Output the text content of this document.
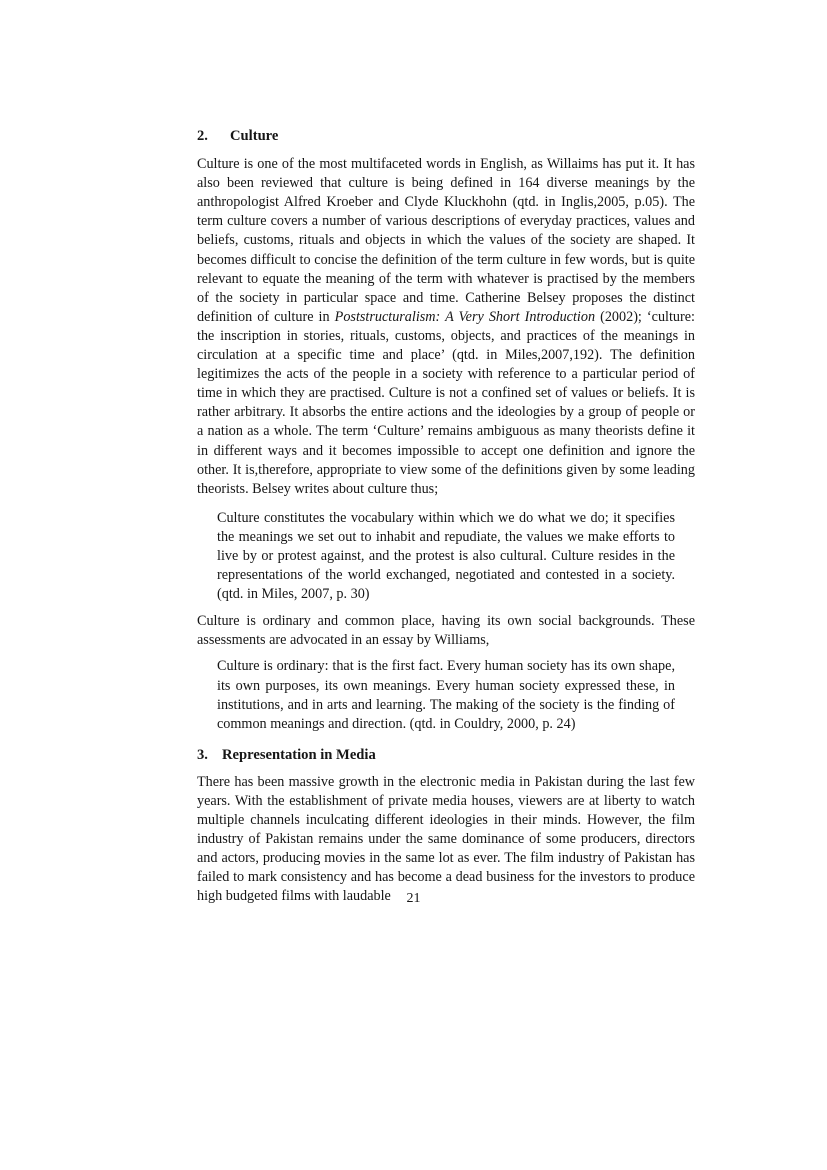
2.	Culture

Culture is one of the most multifaceted words in English, as Willaims has put it. It has also been reviewed that culture is being defined in 164 diverse meanings by the anthropologist Alfred Kroeber and Clyde Kluckhohn (qtd. in Inglis,2005, p.05). The term culture covers a number of various descriptions of everyday practices, values and beliefs, customs, rituals and objects in which the values of the society are shaped. It becomes difficult to concise the definition of the term culture in few words, but is quite relevant to equate the meaning of the term with whatever is practised by the members of the society in particular space and time. Catherine Belsey proposes the distinct definition of culture in Poststructuralism: A Very Short Introduction (2002); ‘culture: the inscription in stories, rituals, customs, objects, and practices of the meanings in circulation at a specific time and place’ (qtd. in Miles,2007,192). The definition legitimizes the acts of the people in a society with reference to a particular period of time in which they are practised. Culture is not a confined set of values or beliefs. It is rather arbitrary. It absorbs the entire actions and the ideologies by a group of people or a nation as a whole. The term ‘Culture’ remains ambiguous as many theorists define it in different ways and it becomes impossible to accept one definition and ignore the other. It is,therefore, appropriate to view some of the definitions given by some leading theorists. Belsey writes about culture thus;

Culture constitutes the vocabulary within which we do what we do; it specifies the meanings we set out to inhabit and repudiate, the values we make efforts to live by or protest against, and the protest is also cultural. Culture resides in the representations of the world exchanged, negotiated and contested in a society. (qtd. in Miles, 2007, p. 30)

Culture is ordinary and common place, having its own social backgrounds. These assessments are advocated in an essay by Williams,

Culture is ordinary: that is the first fact. Every human society has its own shape, its own purposes, its own meanings. Every human society expressed these, in institutions, and in arts and learning. The making of the society is the finding of common meanings and direction. (qtd. in Couldry, 2000, p. 24)

3. Representation in Media

There has been massive growth in the electronic media in Pakistan during the last few years. With the establishment of private media houses, viewers are at liberty to watch multiple channels inculcating different ideologies in their minds. However, the film industry of Pakistan remains under the same dominance of some producers, directors and actors, producing movies in the same lot as ever. The film industry of Pakistan has failed to mark consistency and has become a dead business for the investors to produce high budgeted films with laudable	21
